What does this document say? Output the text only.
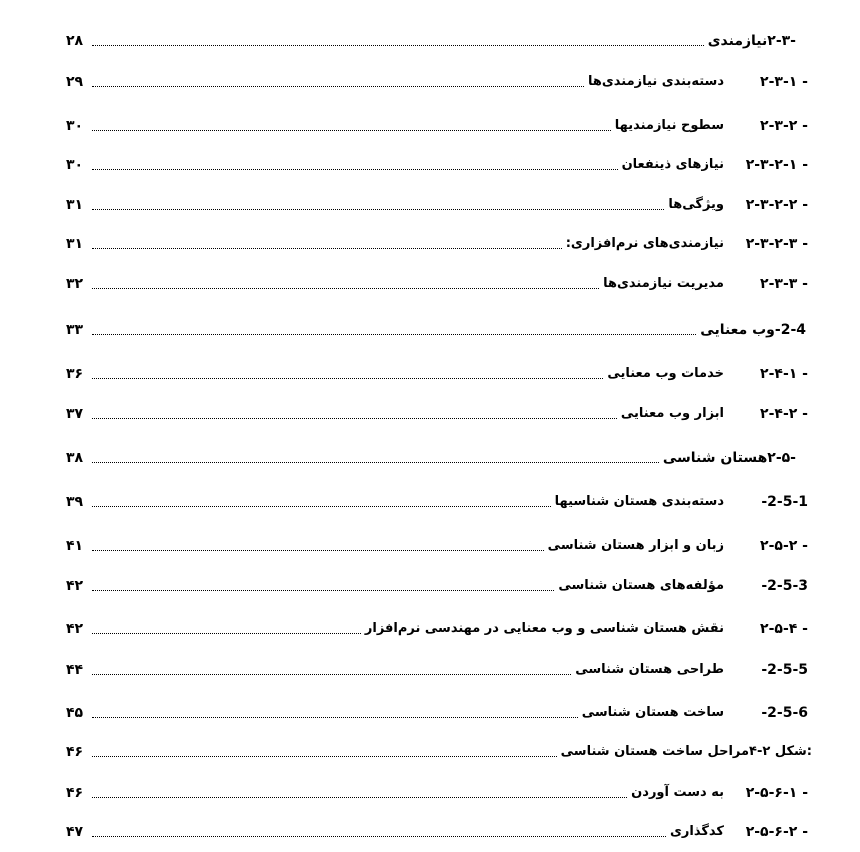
۲-۳-
نیازمندی
۲۸
۲-۳-۱ -
دسته‌بندی نیازمندی‌ها
۲۹
۲-۳-۲ -
سطوح نیازمندیها
۳۰
۲-۳-۲-۱ -
نیازهای ذینفعان
۳۰
۲-۳-۲-۲ -
ویژگی‌ها
۳۱
۲-۳-۲-۳ -
نیازمندی‌های نرم‌افزاری:
۳۱
۲-۳-۳ -
مدیریت نیازمندی‌ها
۳۲
-2-4
وب معنایی
۳۳
۲-۴-۱ -
خدمات وب معنایی
۳۶
۲-۴-۲ -
ابزار وب معنایی
۳۷
۲-۵-
هستان شناسی
۳۸
-2-5-1
دسته‌بندی هستان شناسیها
۳۹
۲-۵-۲ -
زبان و ابزار هستان شناسی
۴۱
-2-5-3
مؤلفه‌های هستان شناسی
۴۲
۲-۵-۴ -
نقش هستان شناسی و وب معنایی در مهندسی نرم‌افزار
۴۲
-2-5-5
طراحی هستان شناسی
۴۴
-2-5-6
ساخت هستان شناسی
۴۵
شکل ۲-۴:
مراحل ساخت هستان شناسی
۴۶
۲-۵-۶-۱ -
به دست آوردن
۴۶
۲-۵-۶-۲ -
کدگذاری
۴۷
